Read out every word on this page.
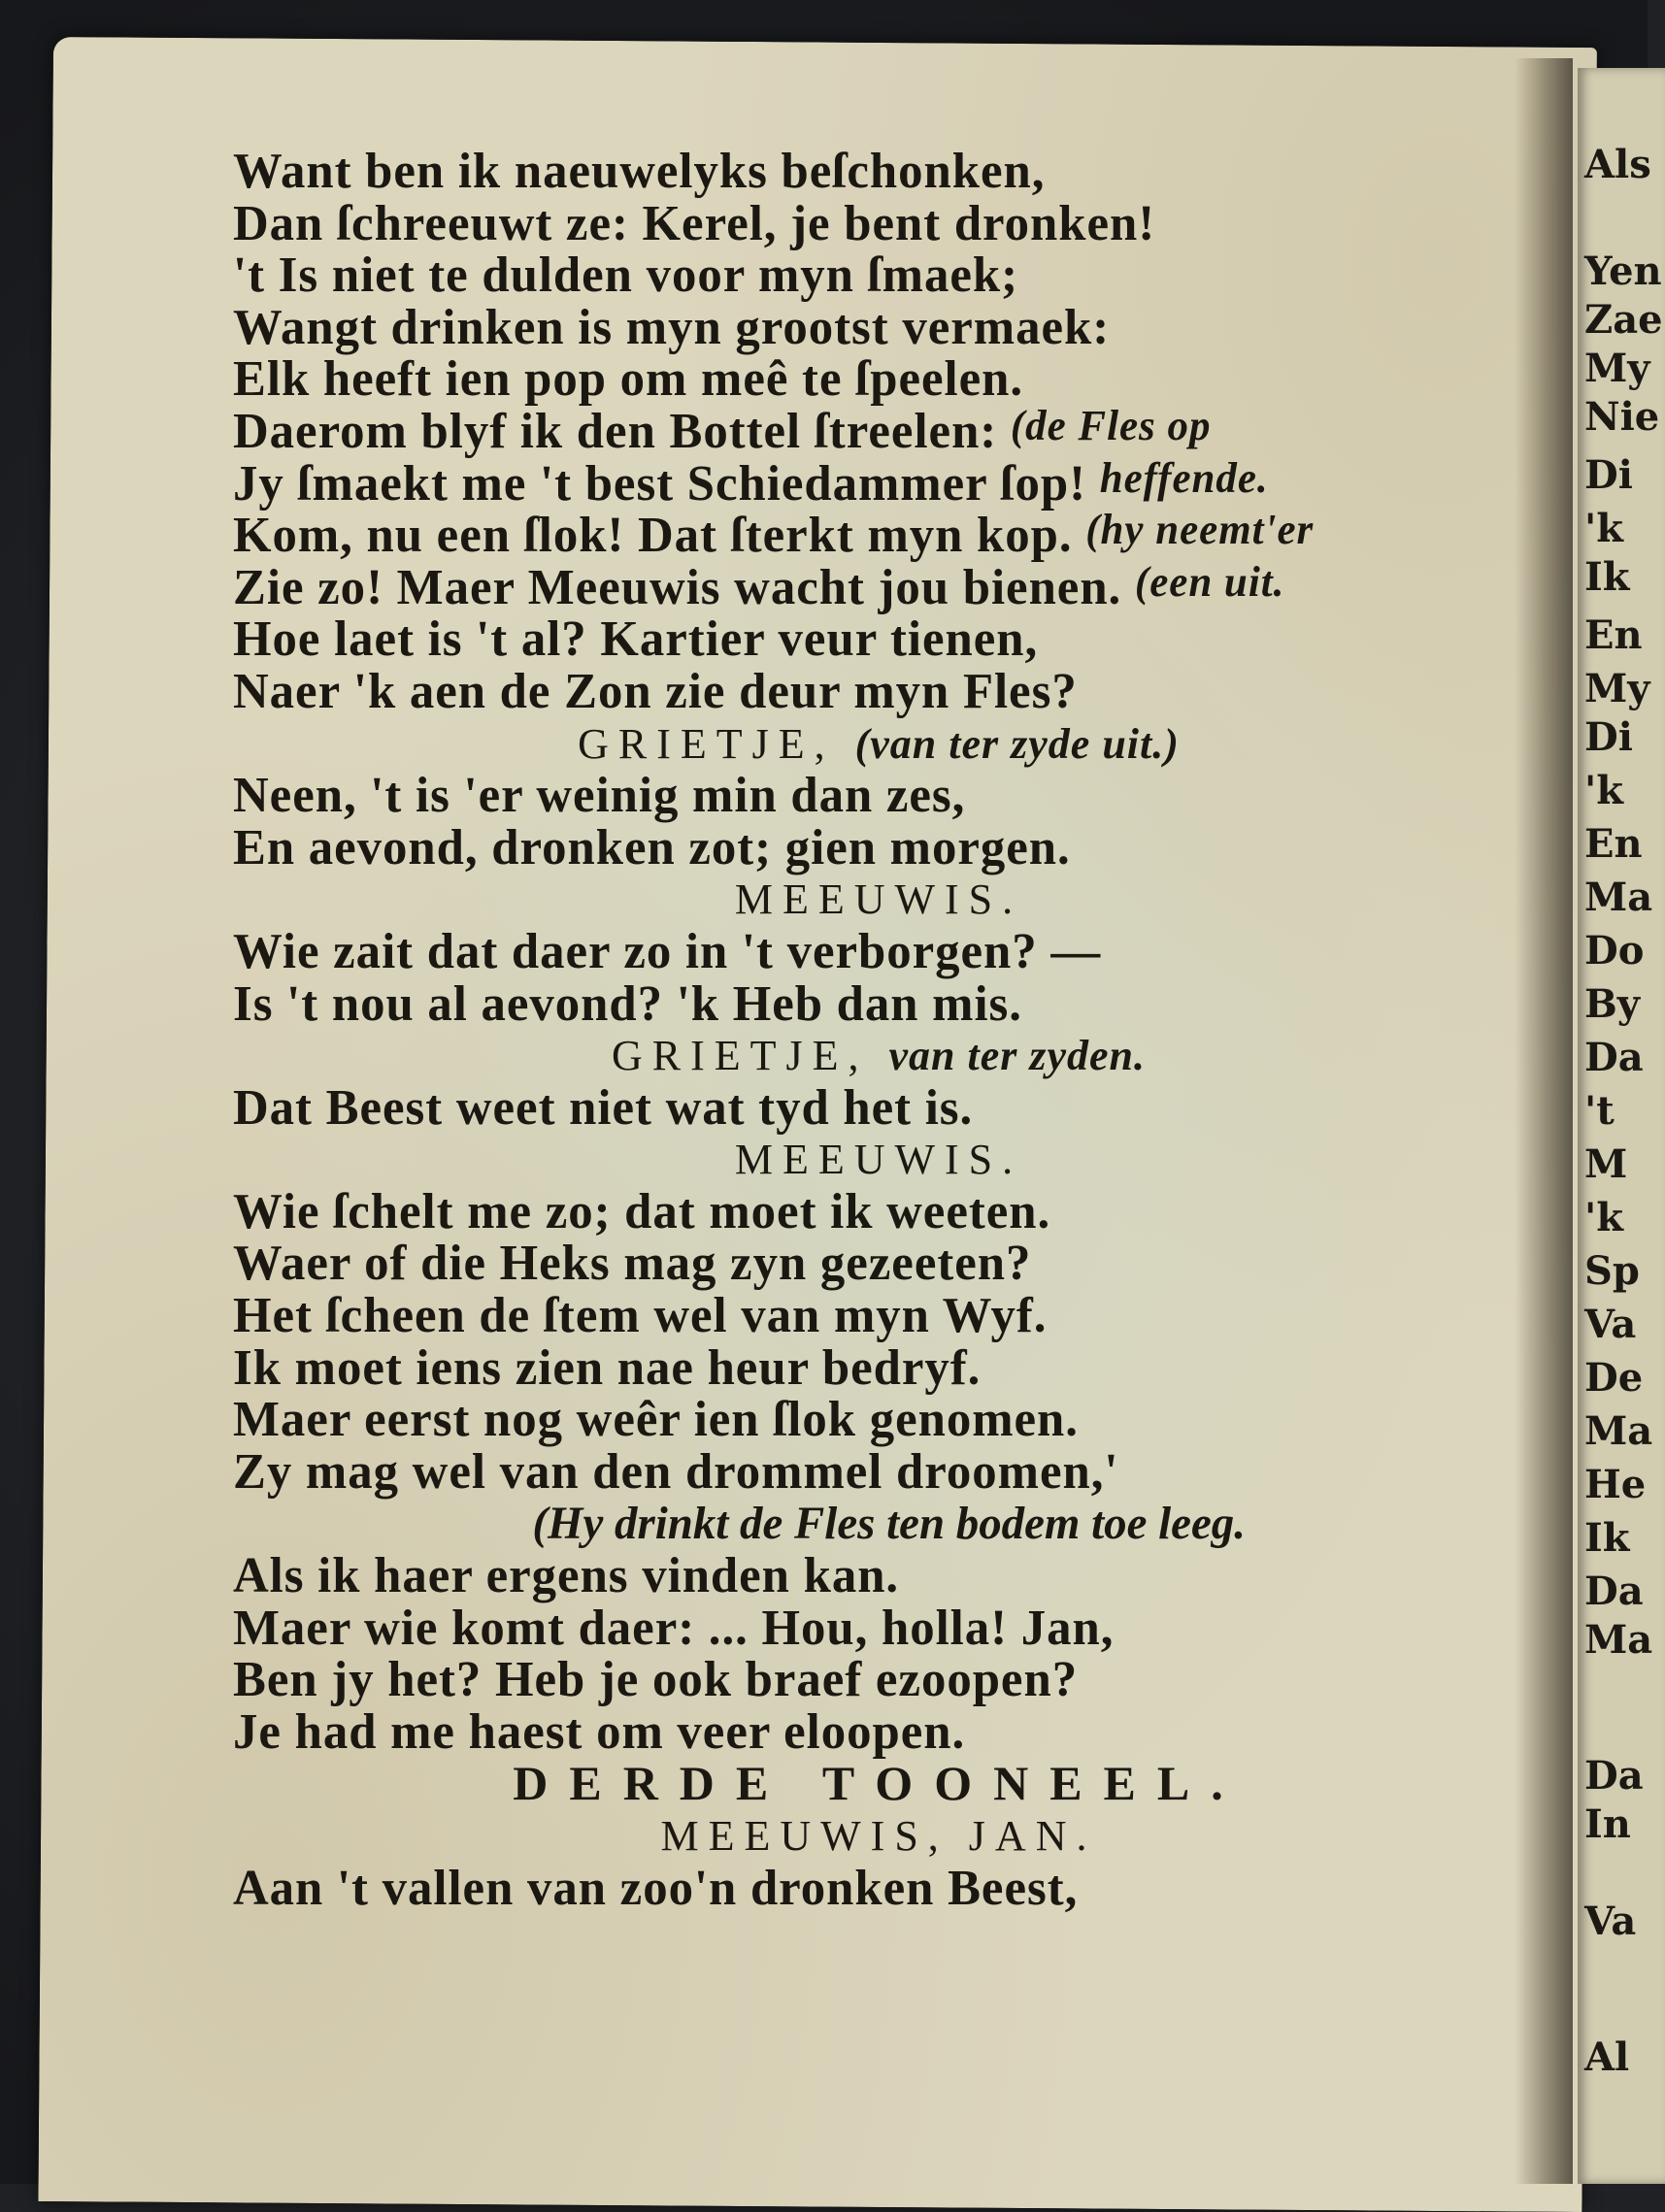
Als
Yen
Zae
My
Nie
Di
'k
Ik
En
My
Di
'k
En
Ma
Do
By
Da
't
M
'k
Sp
Va
De
Ma
He
Ik
Da
Ma
Da
In
Va
Al
Want ben ik naeuwelyks beſchonken,
Dan ſchreeuwt ze: Kerel, je bent dronken!
't Is niet te dulden voor myn ſmaek;
Wangt drinken is myn grootst vermaek:
Elk heeft ien pop om meê te ſpeelen.
Daerom blyf ik den Bottel ſtreelen: (de Fles op
Jy ſmaekt me 't best Schiedammer ſop! heffende.
Kom, nu een ſlok! Dat ſterkt myn kop. (hy neemt'er
Zie zo! Maer Meeuwis wacht jou bienen. (een uit.
Hoe laet is 't al? Kartier veur tienen,
Naer 'k aen de Zon zie deur myn Fles?
GRIETJE, (van ter zyde uit.)
Neen, 't is 'er weinig min dan zes,
En aevond, dronken zot; gien morgen.
MEEUWIS.
Wie zait dat daer zo in 't verborgen? —
Is 't nou al aevond? 'k Heb dan mis.
GRIETJE, van ter zyden.
Dat Beest weet niet wat tyd het is.
MEEUWIS.
Wie ſchelt me zo; dat moet ik weeten.
Waer of die Heks mag zyn gezeeten?
Het ſcheen de ſtem wel van myn Wyf.
Ik moet iens zien nae heur bedryf.
Maer eerst nog weêr ien ſlok genomen.
Zy mag wel van den drommel droomen,'
(Hy drinkt de Fles ten bodem toe leeg.
Als ik haer ergens vinden kan.
Maer wie komt daer: ... Hou, holla! Jan,
Ben jy het? Heb je ook braef ezoopen?
Je had me haest om veer eloopen.
DERDE TOONEEL.
MEEUWIS, JAN.
Aan 't vallen van zoo'n dronken Beest,
